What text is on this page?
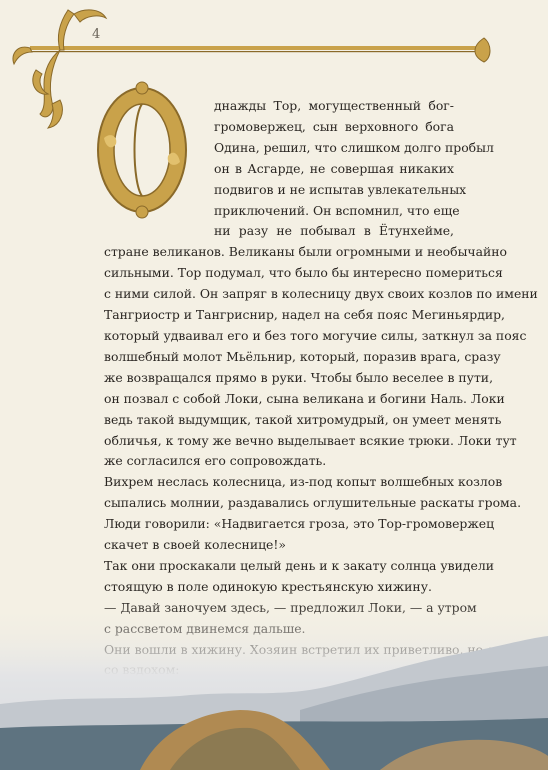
4
днажды Тор, могущественный бог-
громовержец, сын верховного бога
Одина, решил, что слишком долго пробыл
он в Асгарде, не совершая никаких
подвигов и не испытав увлекательных
приключений. Он вспомнил, что еще
ни разу не побывал в Ётунхейме,
стране великанов. Великаны были огромными и необычайно
сильными. Тор подумал, что было бы интересно помериться
с ними силой. Он запряг в колесницу двух своих козлов по имени
Тангриостр и Тангриснир, надел на себя пояс Мегиньярдир,
который удваивал его и без того могучие силы, заткнул за пояс
волшебный молот Мьёльнир, который, поразив врага, сразу
же возвращался прямо в руки. Чтобы было веселее в пути,
он позвал с собой Локи, сына великана и богини Наль. Локи
ведь такой выдумщик, такой хитромудрый, он умеет менять
обличья, к тому же вечно выделывает всякие трюки. Локи тут
же согласился его сопровождать.
Вихрем неслась колесница, из-под копыт волшебных козлов
сыпались молнии, раздавались оглушительные раскаты грома.
Люди говорили: «Надвигается гроза, это Тор-громовержец
скачет в своей колеснице!»
Так они проскакали целый день и к закату солнца увидели
стоящую в поле одинокую крестьянскую хижину.
